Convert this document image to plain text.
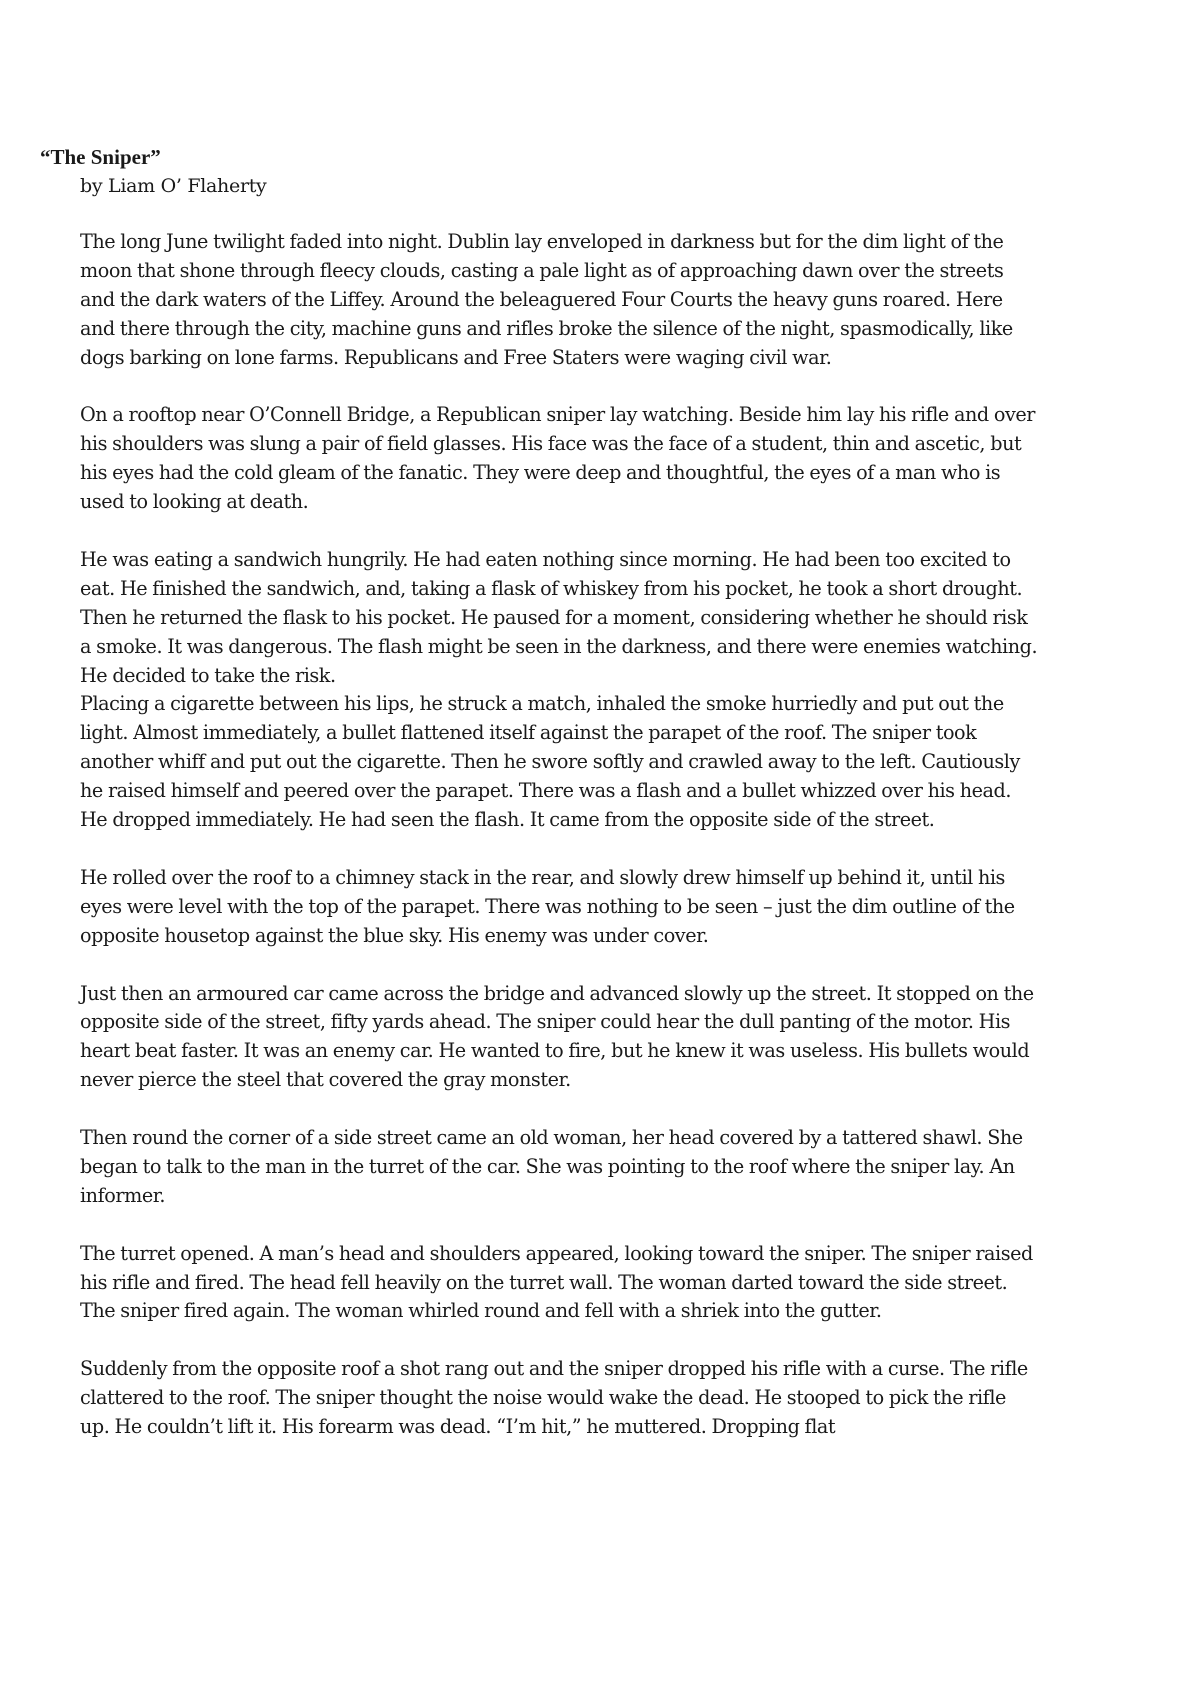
“The Sniper”

by Liam O’ Flaherty

The long June twilight faded into night. Dublin lay enveloped in darkness but for the dim light of the moon that shone through fleecy clouds, casting a pale light as of approaching dawn over the streets and the dark waters of the Liffey. Around the beleaguered Four Courts the heavy guns roared. Here and there through the city, machine guns and rifles broke the silence of the night, spasmodically, like dogs barking on lone farms. Republicans and Free Staters were waging civil war.

On a rooftop near O’Connell Bridge, a Republican sniper lay watching. Beside him lay his rifle and over his shoulders was slung a pair of field glasses. His face was the face of a student, thin and ascetic, but his eyes had the cold gleam of the fanatic. They were deep and thoughtful, the eyes of a man who is used to looking at death.

He was eating a sandwich hungrily. He had eaten nothing since morning. He had been too excited to eat. He finished the sandwich, and, taking a flask of whiskey from his pocket, he took a short drought. Then he returned the flask to his pocket. He paused for a moment, considering whether he should risk a smoke. It was dangerous. The flash might be seen in the darkness, and there were enemies watching. He decided to take the risk.

Placing a cigarette between his lips, he struck a match, inhaled the smoke hurriedly and put out the light. Almost immediately, a bullet flattened itself against the parapet of the roof. The sniper took another whiff and put out the cigarette. Then he swore softly and crawled away to the left. Cautiously he raised himself and peered over the parapet. There was a flash and a bullet whizzed over his head. He dropped immediately. He had seen the flash. It came from the opposite side of the street.

He rolled over the roof to a chimney stack in the rear, and slowly drew himself up behind it, until his eyes were level with the top of the parapet. There was nothing to be seen – just the dim outline of the opposite housetop against the blue sky. His enemy was under cover.

Just then an armoured car came across the bridge and advanced slowly up the street. It stopped on the opposite side of the street, fifty yards ahead. The sniper could hear the dull panting of the motor. His heart beat faster. It was an enemy car. He wanted to fire, but he knew it was useless. His bullets would never pierce the steel that covered the gray monster.

Then round the corner of a side street came an old woman, her head covered by a tattered shawl. She began to talk to the man in the turret of the car. She was pointing to the roof where the sniper lay. An informer.

The turret opened. A man’s head and shoulders appeared, looking toward the sniper. The sniper raised his rifle and fired. The head fell heavily on the turret wall. The woman darted toward the side street. The sniper fired again. The woman whirled round and fell with a shriek into the gutter.

Suddenly from the opposite roof a shot rang out and the sniper dropped his rifle with a curse. The rifle clattered to the roof. The sniper thought the noise would wake the dead. He stooped to pick the rifle up. He couldn’t lift it. His forearm was dead. “I’m hit,” he muttered. Dropping flat
